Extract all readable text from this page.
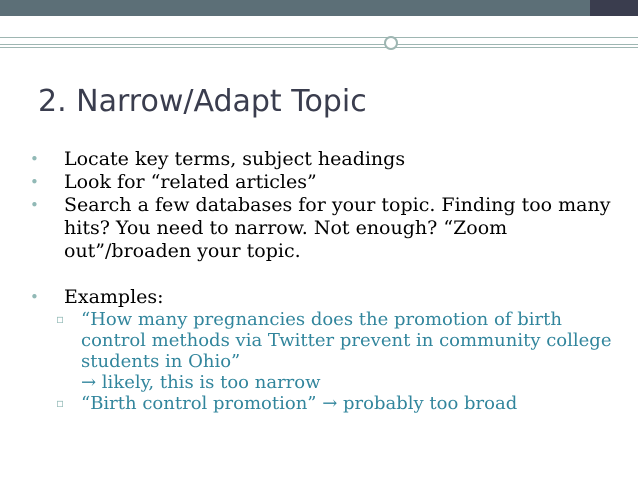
2. Narrow/Adapt Topic
• Locate key terms, subject headings
• Look for “related articles”
• Search a few databases for your topic. Finding too many hits? You need to narrow. Not enough? “Zoom out”/broaden your topic.
• Examples:
▫ “How many pregnancies does the promotion of birth control methods via Twitter prevent in community college students in Ohio”
→ likely, this is too narrow
▫ “Birth control promotion” → probably too broad
